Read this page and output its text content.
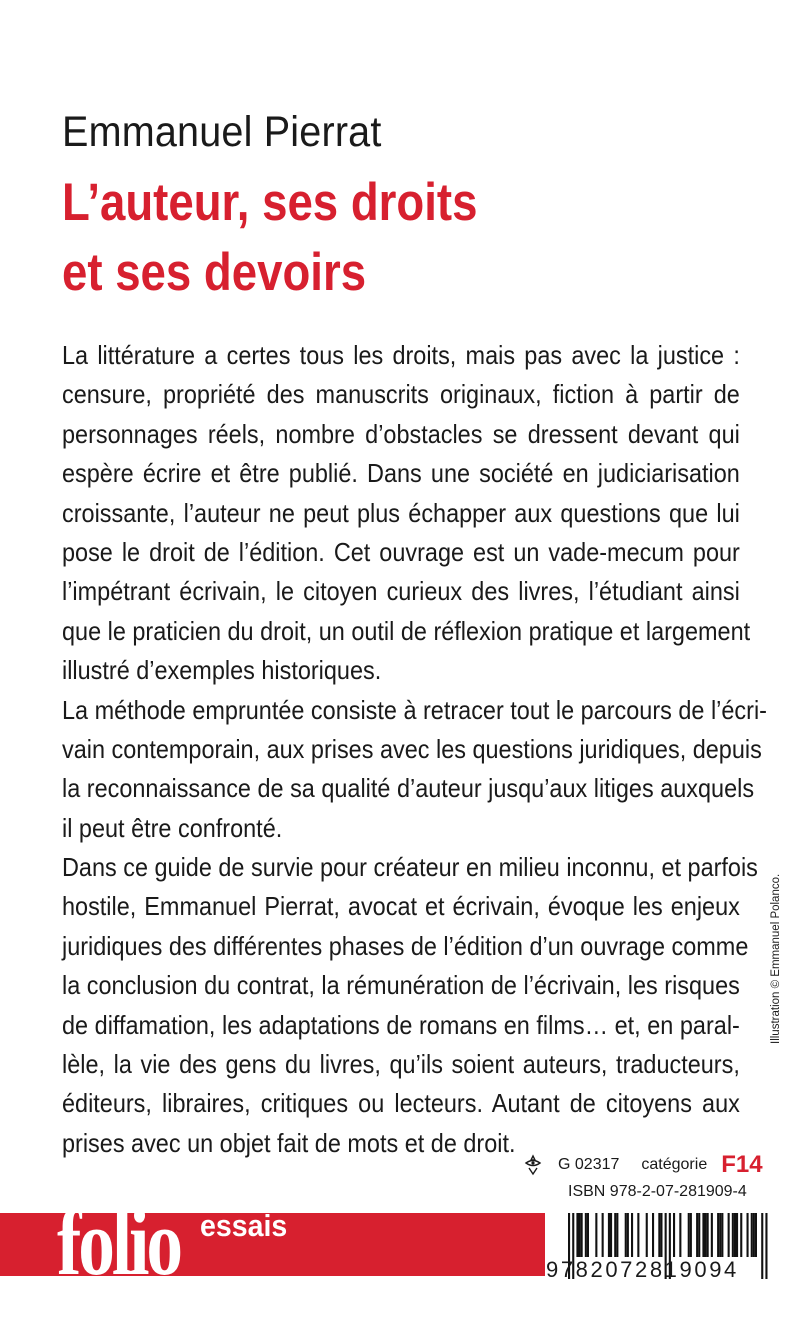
Emmanuel Pierrat
L’auteur, ses droits
et ses devoirs
La littérature a certes tous les droits, mais pas avec la justice :
censure, propriété des manuscrits originaux, fiction à partir de
personnages réels, nombre d’obstacles se dressent devant qui
espère écrire et être publié. Dans une société en judiciarisation
croissante, l’auteur ne peut plus échapper aux questions que lui
pose le droit de l’édition. Cet ouvrage est un vade-mecum pour
l’impétrant écrivain, le citoyen curieux des livres, l’étudiant ainsi
que le praticien du droit, un outil de réflexion pratique et largement
illustré d’exemples historiques.
La méthode empruntée consiste à retracer tout le parcours de l’écri-
vain contemporain, aux prises avec les questions juridiques, depuis
la reconnaissance de sa qualité d’auteur jusqu’aux litiges auxquels
il peut être confronté.
Dans ce guide de survie pour créateur en milieu inconnu, et parfois
hostile, Emmanuel Pierrat, avocat et écrivain, évoque les enjeux
juridiques des différentes phases de l’édition d’un ouvrage comme
la conclusion du contrat, la rémunération de l’écrivain, les risques
de diffamation, les adaptations de romans en films… et, en paral-
lèle, la vie des gens du livres, qu’ils soient auteurs, traducteurs,
éditeurs, libraires, critiques ou lecteurs. Autant de citoyens aux
prises avec un objet fait de mots et de droit.
Illustration © Emmanuel Polanco.
G 02317 catégorie F14
ISBN 978-2-07-281909-4
folio essais
9782072819094
